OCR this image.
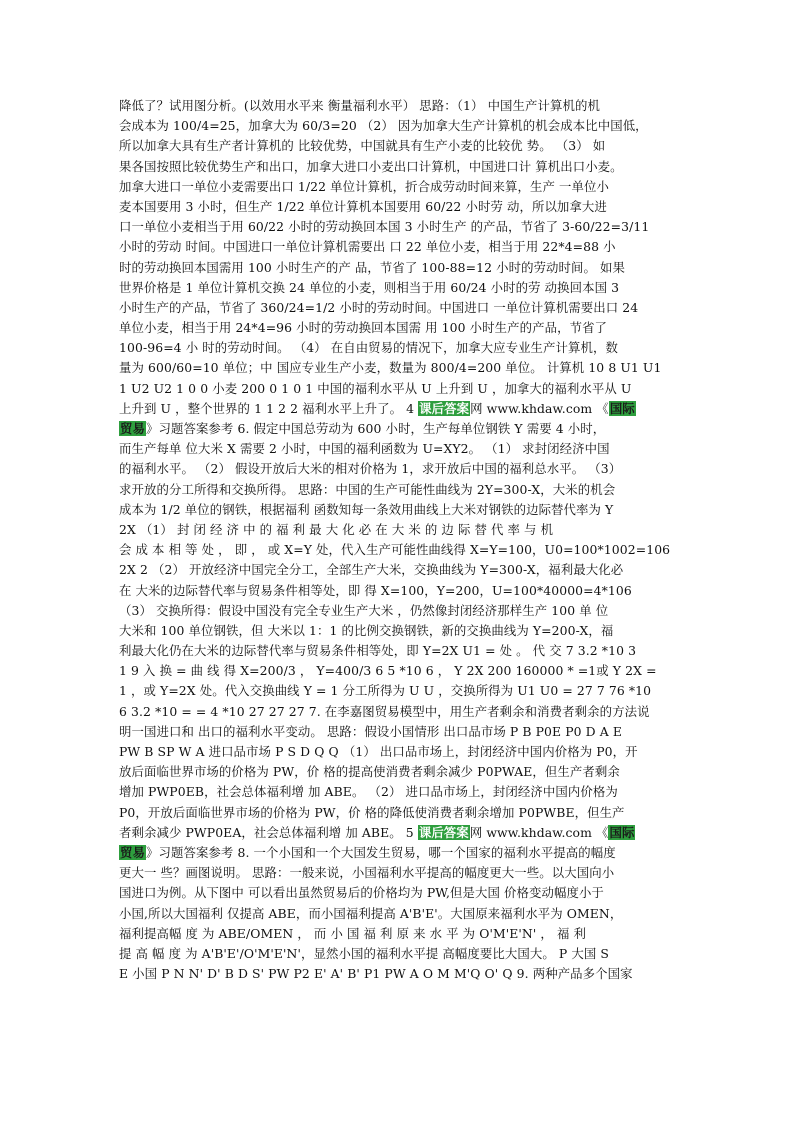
降低了？试用图分析。(以效用水平来 衡量福利水平） 思路：（1） 中国生产计算机的机
会成本为 100/4=25，加拿大为 60/3=20 （2） 因为加拿大生产计算机的机会成本比中国低，
所以加拿大具有生产者计算机的 比较优势，中国就具有生产小麦的比较优 势。 （3） 如
果各国按照比较优势生产和出口，加拿大进口小麦出口计算机，中国进口计 算机出口小麦。
加拿大进口一单位小麦需要出口 1/22 单位计算机，折合成劳动时间来算，生产 一单位小
麦本国要用 3 小时，但生产 1/22 单位计算机本国要用 60/22 小时劳 动，所以加拿大进
口一单位小麦相当于用 60/22 小时的劳动换回本国 3 小时生产 的产品，节省了 3-60/22=3/11
小时的劳动 时间。中国进口一单位计算机需要出 口 22 单位小麦，相当于用 22*4=88 小
时的劳动换回本国需用 100 小时生产的产 品，节省了 100-88=12 小时的劳动时间。 如果
世界价格是 1 单位计算机交换 24 单位的小麦，则相当于用 60/24 小时的劳 动换回本国 3
小时生产的产品，节省了 360/24=1/2 小时的劳动时间。中国进口 一单位计算机需要出口 24
单位小麦，相当于用 24*4=96 小时的劳动换回本国需 用 100 小时生产的产品，节省了
100-96=4 小 时的劳动时间。 （4） 在自由贸易的情况下，加拿大应专业生产计算机，数
量为 600/60=10 单位；中 国应专业生产小麦，数量为 800/4=200 单位。 计算机 10 8 U1 U1
1 U2 U2 1 0 0 小麦 200 0 1 0 1 中国的福利水平从 U 上升到 U ，加拿大的福利水平从 U
上升到 U ，整个世界的 1 1 2 2 福利水平上升了。 4 课后答案网 www.khdaw.com 《国际
贸易》习题答案参考 6. 假定中国总劳动为 600 小时，生产每单位钢铁 Y 需要 4 小时，
而生产每单 位大米 X 需要 2 小时，中国的福利函数为 U=XY2。 （1） 求封闭经济中国
的福利水平。 （2） 假设开放后大米的相对价格为 1，求开放后中国的福利总水平。 （3）
求开放的分工所得和交换所得。 思路：中国的生产可能性曲线为 2Y=300-X，大米的机会
成本为 1/2 单位的钢铁，根据福利 函数知每一条效用曲线上大米对钢铁的边际替代率为 Y
2X （1） 封 闭 经 济 中 的 福 利 最 大 化 必 在 大 米 的 边 际 替 代 率 与 机
会 成 本 相 等 处 ， 即 ， 或 X=Y 处，代入生产可能性曲线得 X=Y=100，U0=100*1002=106
2X 2 （2） 开放经济中国完全分工，全部生产大米，交换曲线为 Y=300-X，福利最大化必
在 大米的边际替代率与贸易条件相等处，即 得 X=100，Y=200，U=100*40000=4*106
（3） 交换所得：假设中国没有完全专业生产大米 ，仍然像封闭经济那样生产 100 单 位
大米和 100 单位钢铁，但 大米以 1：1 的比例交换钢铁，新的交换曲线为 Y=200-X，福
利最大化仍在大米的边际替代率与贸易条件相等处，即 Y=2X U1 = 处 。 代 交 7 3.2 *10 3
1 9 入 换 = 曲 线 得 X=200/3 ， Y=400/3 6 5 *10 6 ， Y 2X 200 160000 * =1或 Y 2X =
1 ，或 Y=2X 处。代入交换曲线 Y = 1 分工所得为 U U ，交换所得为 U1 U0 = 27 7 76 *10
6 3.2 *10 = = 4 *10 27 27 27 7. 在李嘉图贸易模型中，用生产者剩余和消费者剩余的方法说
明一国进口和 出口的福利水平变动。 思路：假设小国情形 出口品市场 P B P0E P0 D A E
PW B SP W A 进口品市场 P S D Q Q （1） 出口品市场上，封闭经济中国内价格为 P0，开
放后面临世界市场的价格为 PW，价 格的提高使消费者剩余减少 P0PWAE，但生产者剩余
增加 PWP0EB，社会总体福利增 加 ABE。 （2） 进口品市场上，封闭经济中国内价格为
P0，开放后面临世界市场的价格为 PW，价 格的降低使消费者剩余增加 P0PWBE，但生产
者剩余减少 PWP0EA，社会总体福利增 加 ABE。 5 课后答案网 www.khdaw.com 《国际
贸易》习题答案参考 8. 一个小国和一个大国发生贸易，哪一个国家的福利水平提高的幅度
更大一 些？画图说明。 思路：一般来说，小国福利水平提高的幅度更大一些。以大国向小
国进口为例。从下图中 可以看出虽然贸易后的价格均为 PW,但是大国 价格变动幅度小于
小国,所以大国福利 仅提高 ABE，而小国福利提高 A'B'E'。大国原来福利水平为 OMEN，
福利提高幅 度 为 ABE/OMEN ， 而 小 国 福 利 原 来 水 平 为 O'M'E'N' ， 福 利
提 高 幅 度 为 A'B'E'/O'M'E'N'，显然小国的福利水平提 高幅度要比大国大。 P 大国 S
E 小国 P N N' D' B D S' PW P2 E' A' B' P1 PW A O M M'Q O' Q 9. 两种产品多个国家
